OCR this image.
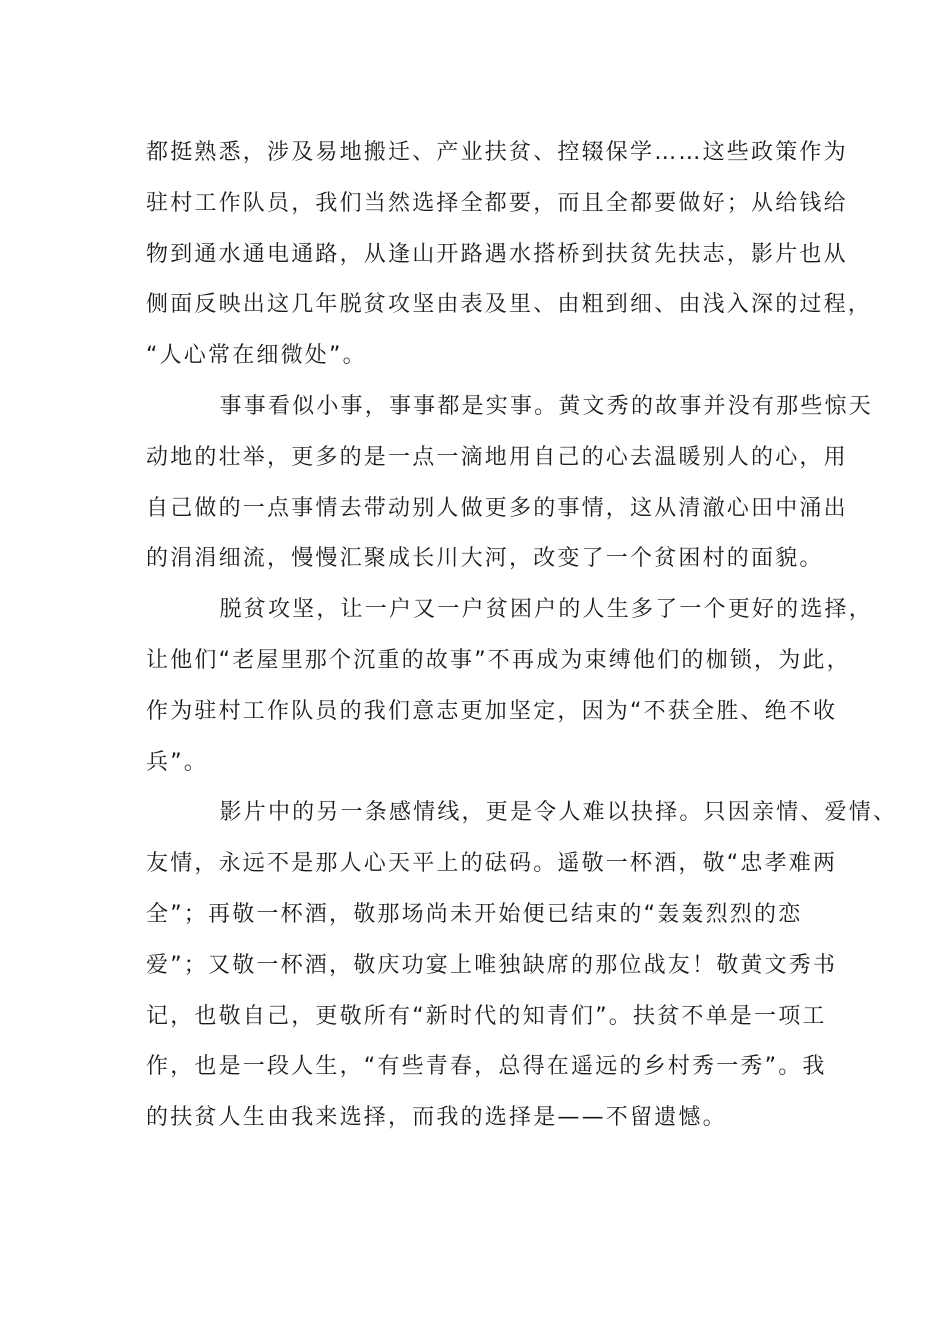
都挺熟悉，涉及易地搬迁、产业扶贫、控辍保学……这些政策作为
驻村工作队员，我们当然选择全都要，而且全都要做好；从给钱给
物到通水通电通路，从逢山开路遇水搭桥到扶贫先扶志，影片也从
侧面反映出这几年脱贫攻坚由表及里、由粗到细、由浅入深的过程，
“人心常在细微处”。
事事看似小事，事事都是实事。黄文秀的故事并没有那些惊天
动地的壮举，更多的是一点一滴地用自己的心去温暖别人的心，用
自己做的一点事情去带动别人做更多的事情，这从清澈心田中涌出
的涓涓细流，慢慢汇聚成长川大河，改变了一个贫困村的面貌。
脱贫攻坚，让一户又一户贫困户的人生多了一个更好的选择，
让他们“老屋里那个沉重的故事”不再成为束缚他们的枷锁，为此，
作为驻村工作队员的我们意志更加坚定，因为“不获全胜、绝不收
兵”。
影片中的另一条感情线，更是令人难以抉择。只因亲情、爱情、
友情，永远不是那人心天平上的砝码。遥敬一杯酒，敬“忠孝难两
全”；再敬一杯酒，敬那场尚未开始便已结束的“轰轰烈烈的恋
爱”；又敬一杯酒，敬庆功宴上唯独缺席的那位战友！敬黄文秀书
记，也敬自己，更敬所有“新时代的知青们”。扶贫不单是一项工
作，也是一段人生，“有些青春，总得在遥远的乡村秀一秀”。我
的扶贫人生由我来选择，而我的选择是——不留遗憾。
